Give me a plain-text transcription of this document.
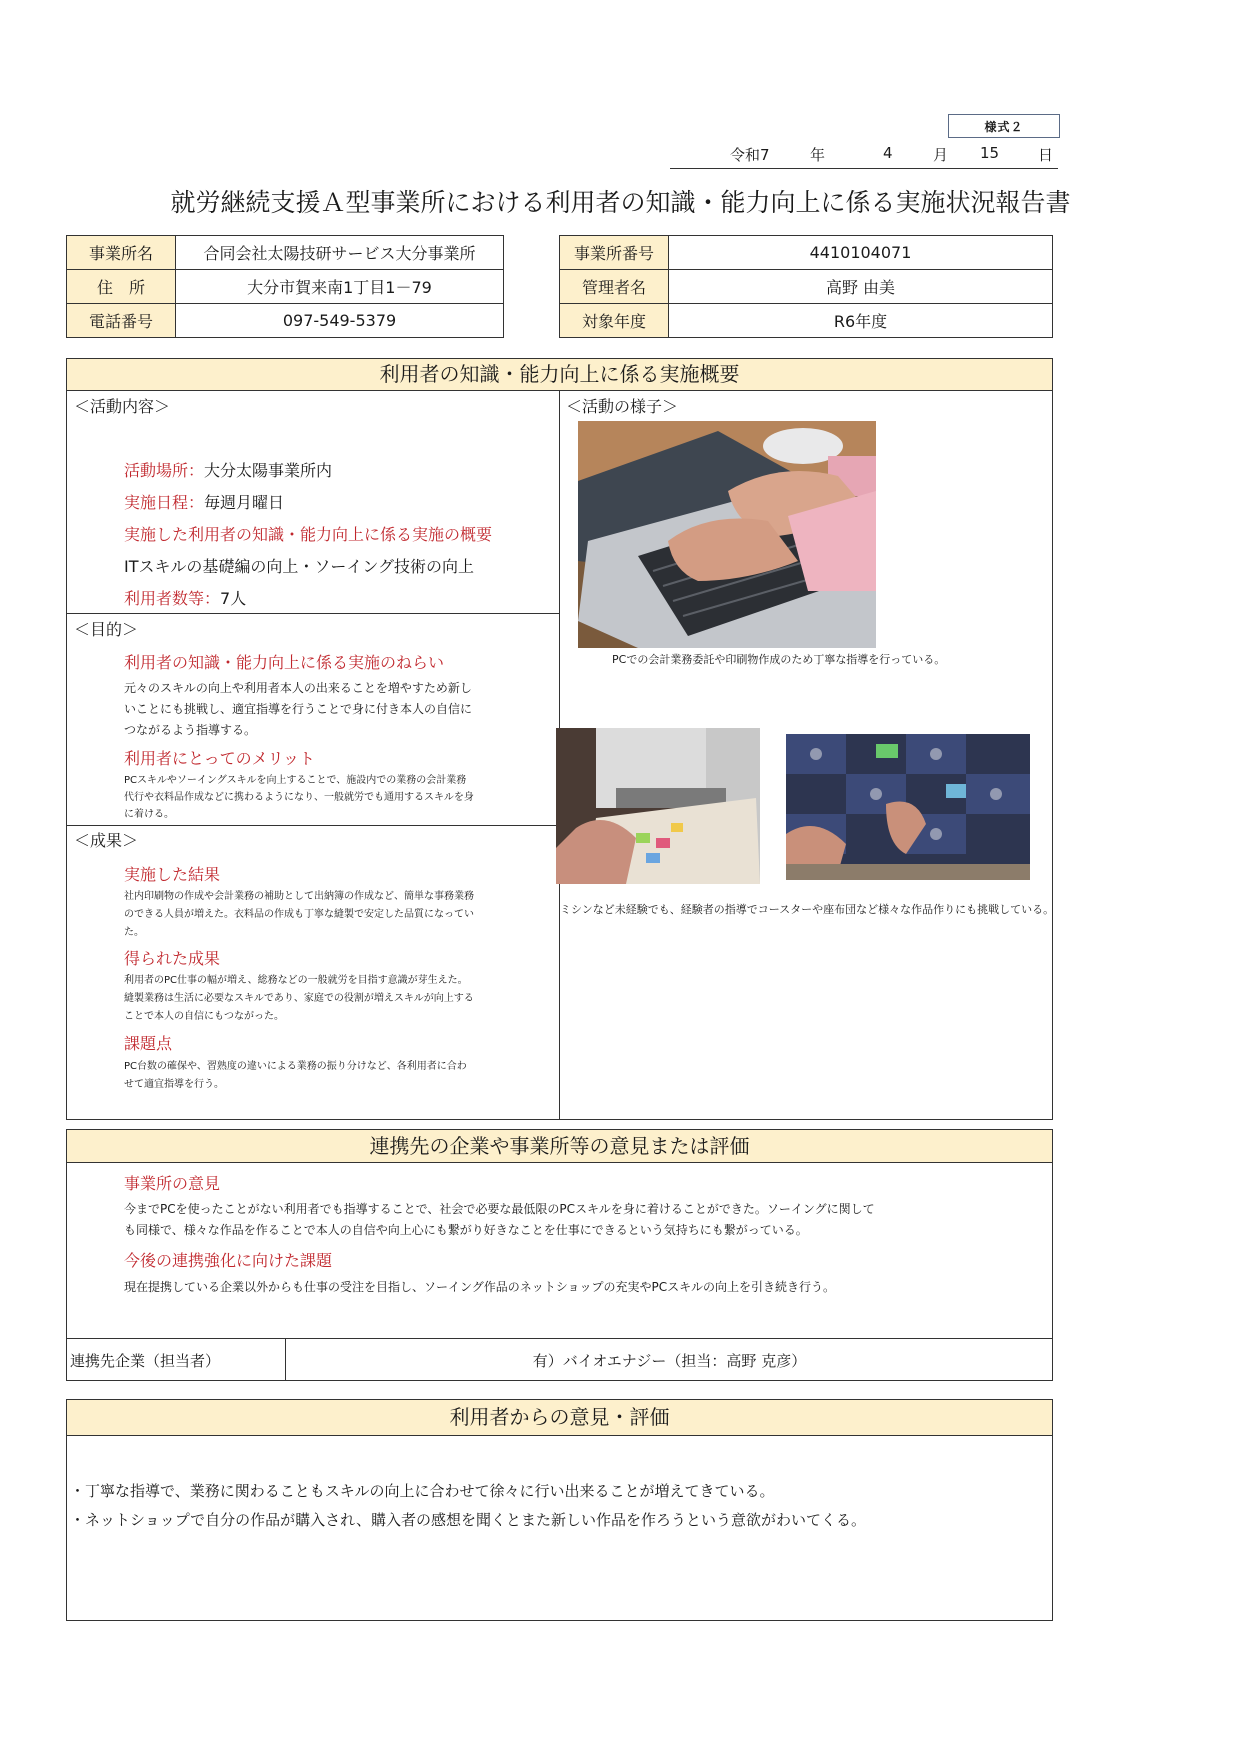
様式２
令和7	年	4	月 15	日
就労継続支援Ａ型事業所における利用者の知識・能力向上に係る実施状況報告書
事業所名	合同会社太陽技研サービス大分事業所
住　所	大分市賀来南1丁目1－79
電話番号	097-549-5379
事業所番号	4410104071
管理者名	高野 由美
対象年度	R6年度
利用者の知識・能力向上に係る実施概要
＜活動内容＞
活動場所：大分太陽事業所内
実施日程：毎週月曜日
実施した利用者の知識・能力向上に係る実施の概要
ITスキルの基礎編の向上・ソーイング技術の向上
利用者数等：7人
＜目的＞
利用者の知識・能力向上に係る実施のねらい
元々のスキルの向上や利用者本人の出来ることを増やすため新し
いことにも挑戦し、適宜指導を行うことで身に付き本人の自信に
つながるよう指導する。
利用者にとってのメリット
PCスキルやソーイングスキルを向上することで、施設内での業務の会計業務
代行や衣料品作成などに携わるようになり、一般就労でも通用するスキルを身
に着ける。
＜成果＞
実施した結果
社内印刷物の作成や会計業務の補助として出納簿の作成など、簡単な事務業務
のできる人員が増えた。衣料品の作成も丁寧な縫製で安定した品質になってい
た。
得られた成果
利用者のPC仕事の幅が増え、総務などの一般就労を目指す意識が芽生えた。
縫製業務は生活に必要なスキルであり、家庭での役割が増えスキルが向上する
ことで本人の自信にもつながった。
課題点
PC台数の確保や、習熟度の違いによる業務の振り分けなど、各利用者に合わ
せて適宜指導を行う。
＜活動の様子＞
PCでの会計業務委託や印刷物作成のため丁寧な指導を行っている。
ミシンなど未経験でも、経験者の指導でコースターや座布団など様々な作品作りにも挑戦している。
連携先の企業や事業所等の意見または評価
事業所の意見
今までPCを使ったことがない利用者でも指導することで、社会で必要な最低限のPCスキルを身に着けることができた。ソーイングに関して
も同様で、様々な作品を作ることで本人の自信や向上心にも繋がり好きなことを仕事にできるという気持ちにも繋がっている。
今後の連携強化に向けた課題
現在提携している企業以外からも仕事の受注を目指し、ソーイング作品のネットショップの充実やPCスキルの向上を引き続き行う。
連携先企業（担当者）	有）バイオエナジー（担当：高野 克彦）
利用者からの意見・評価
・丁寧な指導で、業務に関わることもスキルの向上に合わせて徐々に行い出来ることが増えてきている。
・ネットショップで自分の作品が購入され、購入者の感想を聞くとまた新しい作品を作ろうという意欲がわいてくる。
